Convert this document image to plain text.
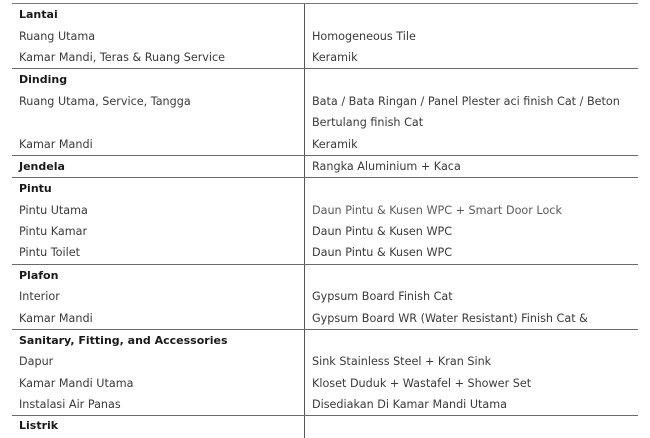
Lantai
Ruang Utama	Homogeneous Tile
Kamar Mandi, Teras & Ruang Service	Keramik
Dinding
Ruang Utama, Service, Tangga	Bata / Bata Ringan / Panel Plester aci finish Cat / Beton
Bertulang finish Cat
Kamar Mandi	Keramik
Jendela	Rangka Aluminium + Kaca
Pintu
Pintu Utama	Daun Pintu & Kusen WPC + Smart Door Lock
Pintu Kamar	Daun Pintu & Kusen WPC
Pintu Toilet	Daun Pintu & Kusen WPC
Plafon
Interior	Gypsum Board Finish Cat
Kamar Mandi	Gypsum Board WR (Water Resistant) Finish Cat &
Sanitary, Fitting, and Accessories
Dapur	Sink Stainless Steel + Kran Sink
Kamar Mandi Utama	Kloset Duduk + Wastafel + Shower Set
Instalasi Air Panas	Disediakan Di Kamar Mandi Utama
Listrik
